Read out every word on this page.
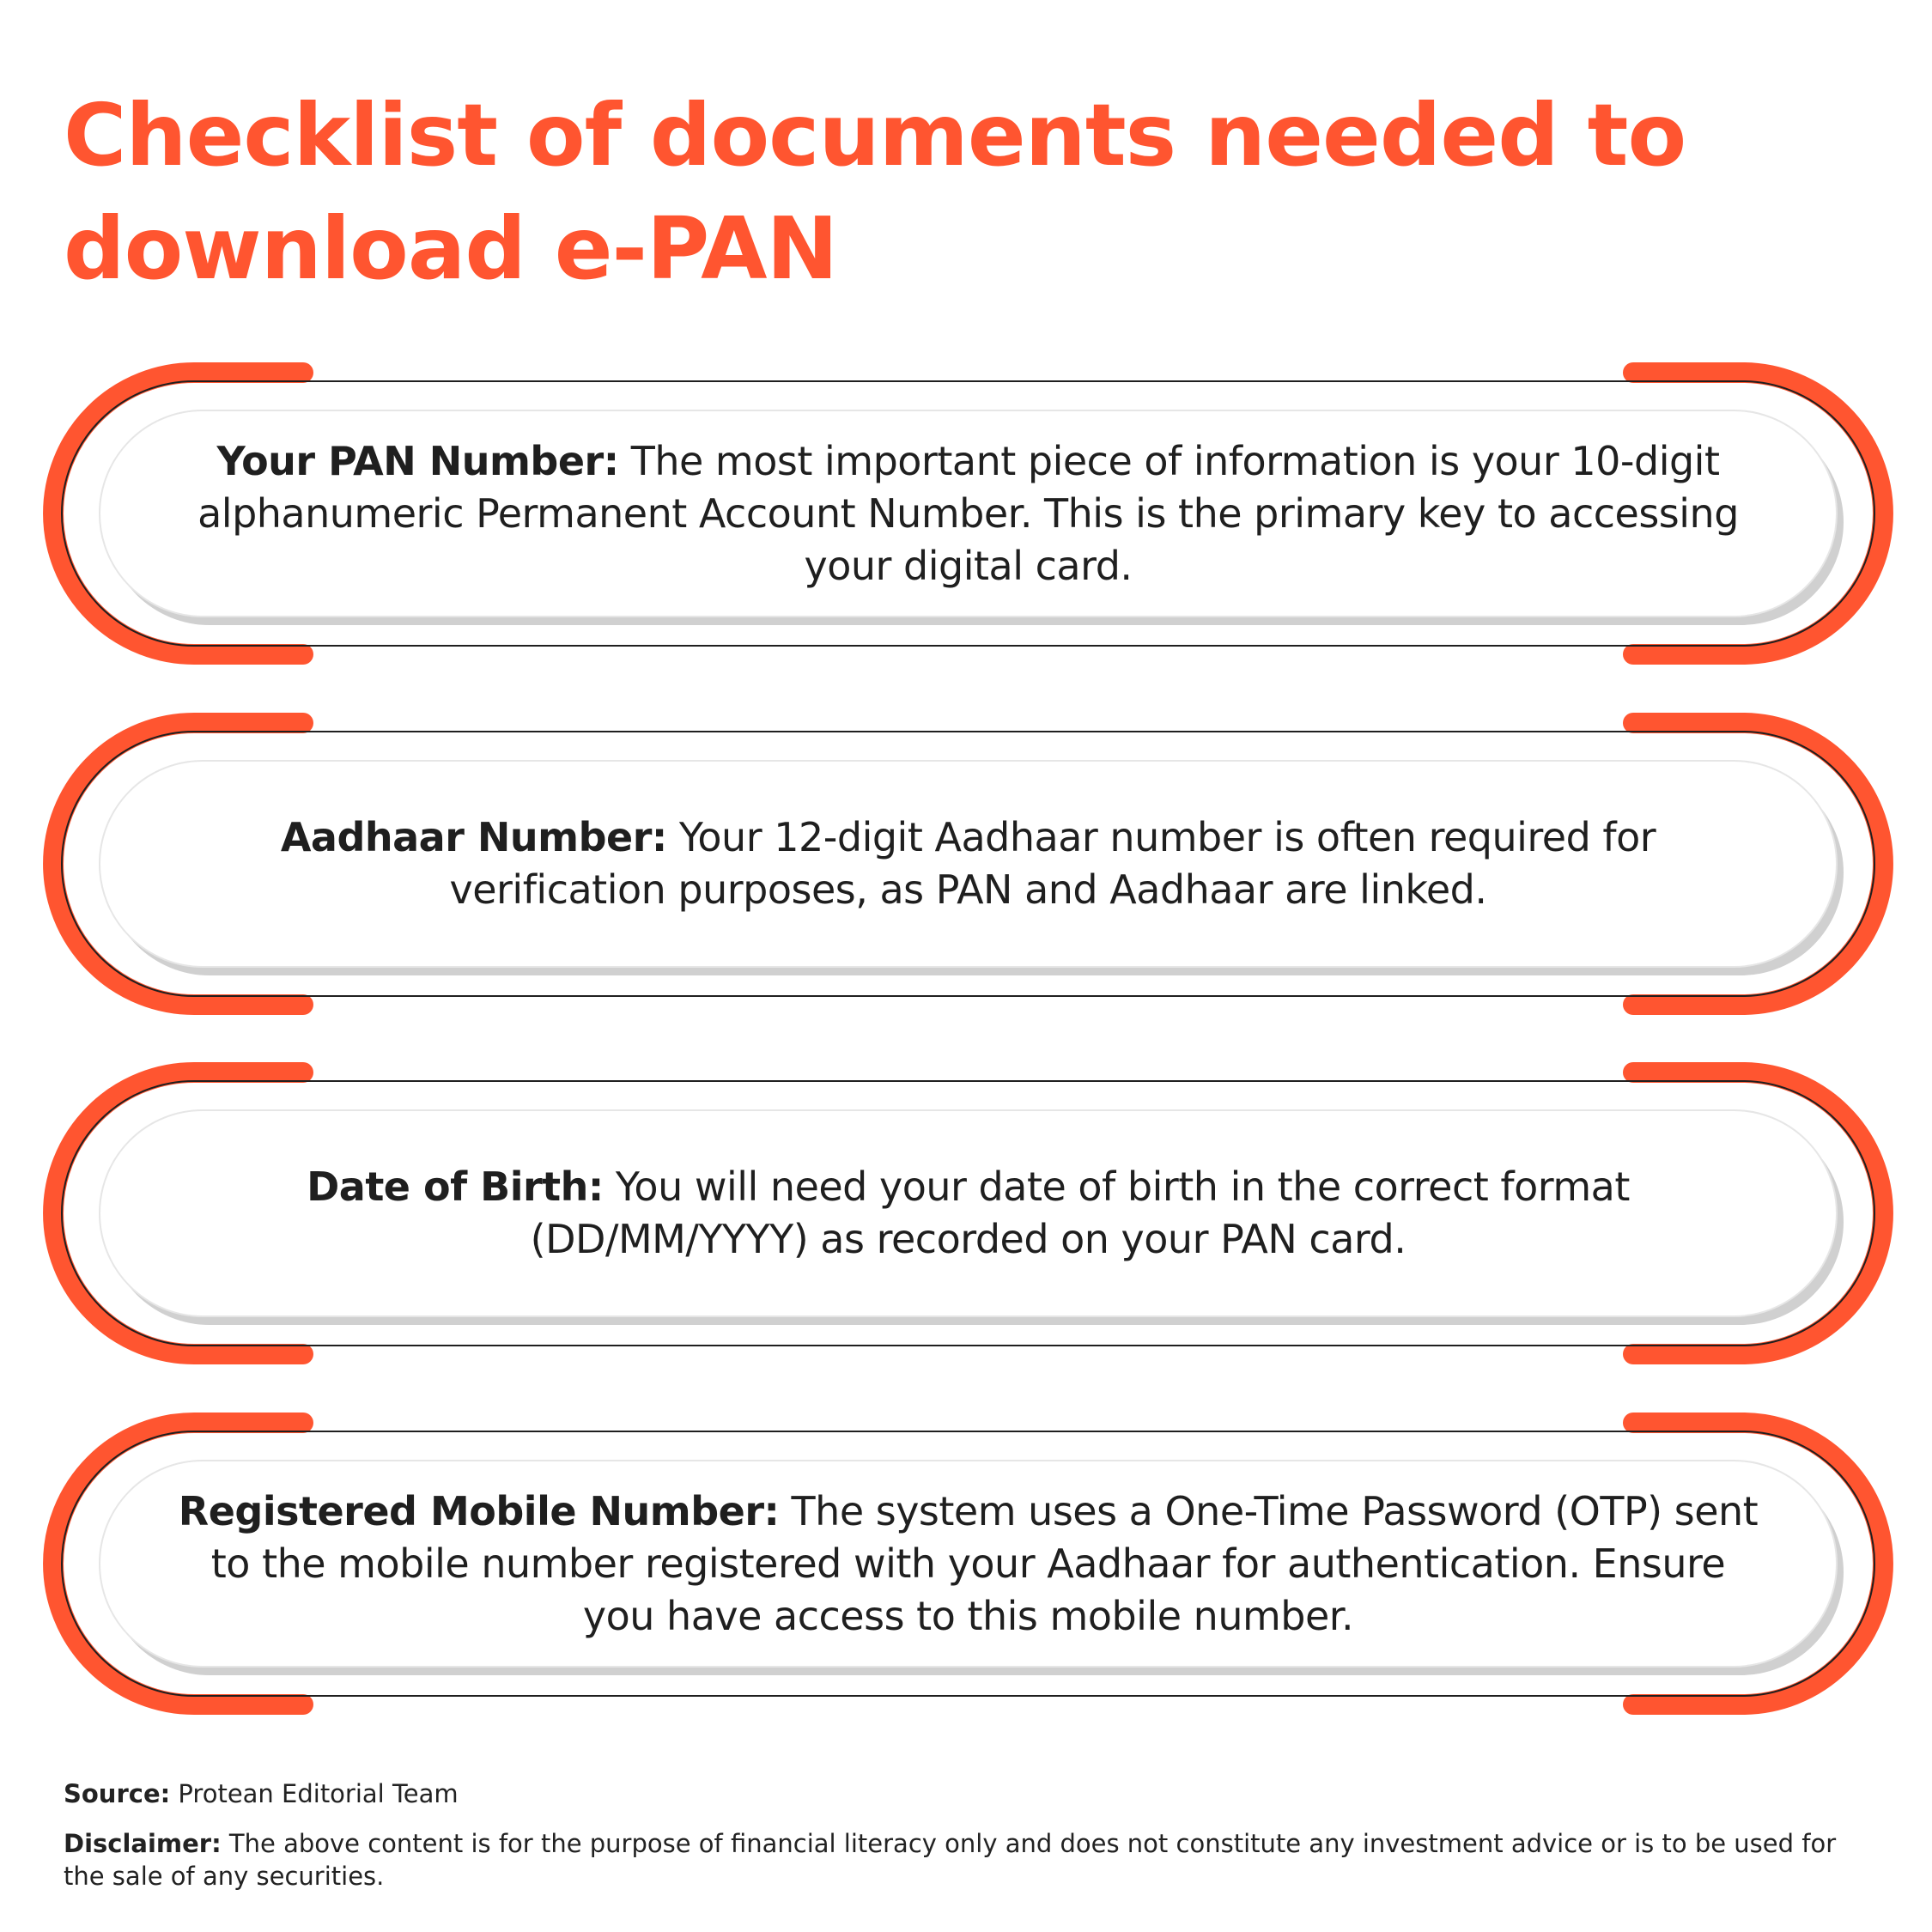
Checklist of documents needed to download e-PAN

Your PAN Number: The most important piece of information is your 10-digit alphanumeric Permanent Account Number. This is the primary key to accessing your digital card.

Aadhaar Number: Your 12-digit Aadhaar number is often required for verification purposes, as PAN and Aadhaar are linked.

Date of Birth: You will need your date of birth in the correct format (DD/MM/YYYY) as recorded on your PAN card.

Registered Mobile Number: The system uses a One-Time Password (OTP) sent to the mobile number registered with your Aadhaar for authentication. Ensure you have access to this mobile number.

Source: Protean Editorial Team

Disclaimer: The above content is for the purpose of financial literacy only and does not constitute any investment advice or is to be used for the sale of any securities.
